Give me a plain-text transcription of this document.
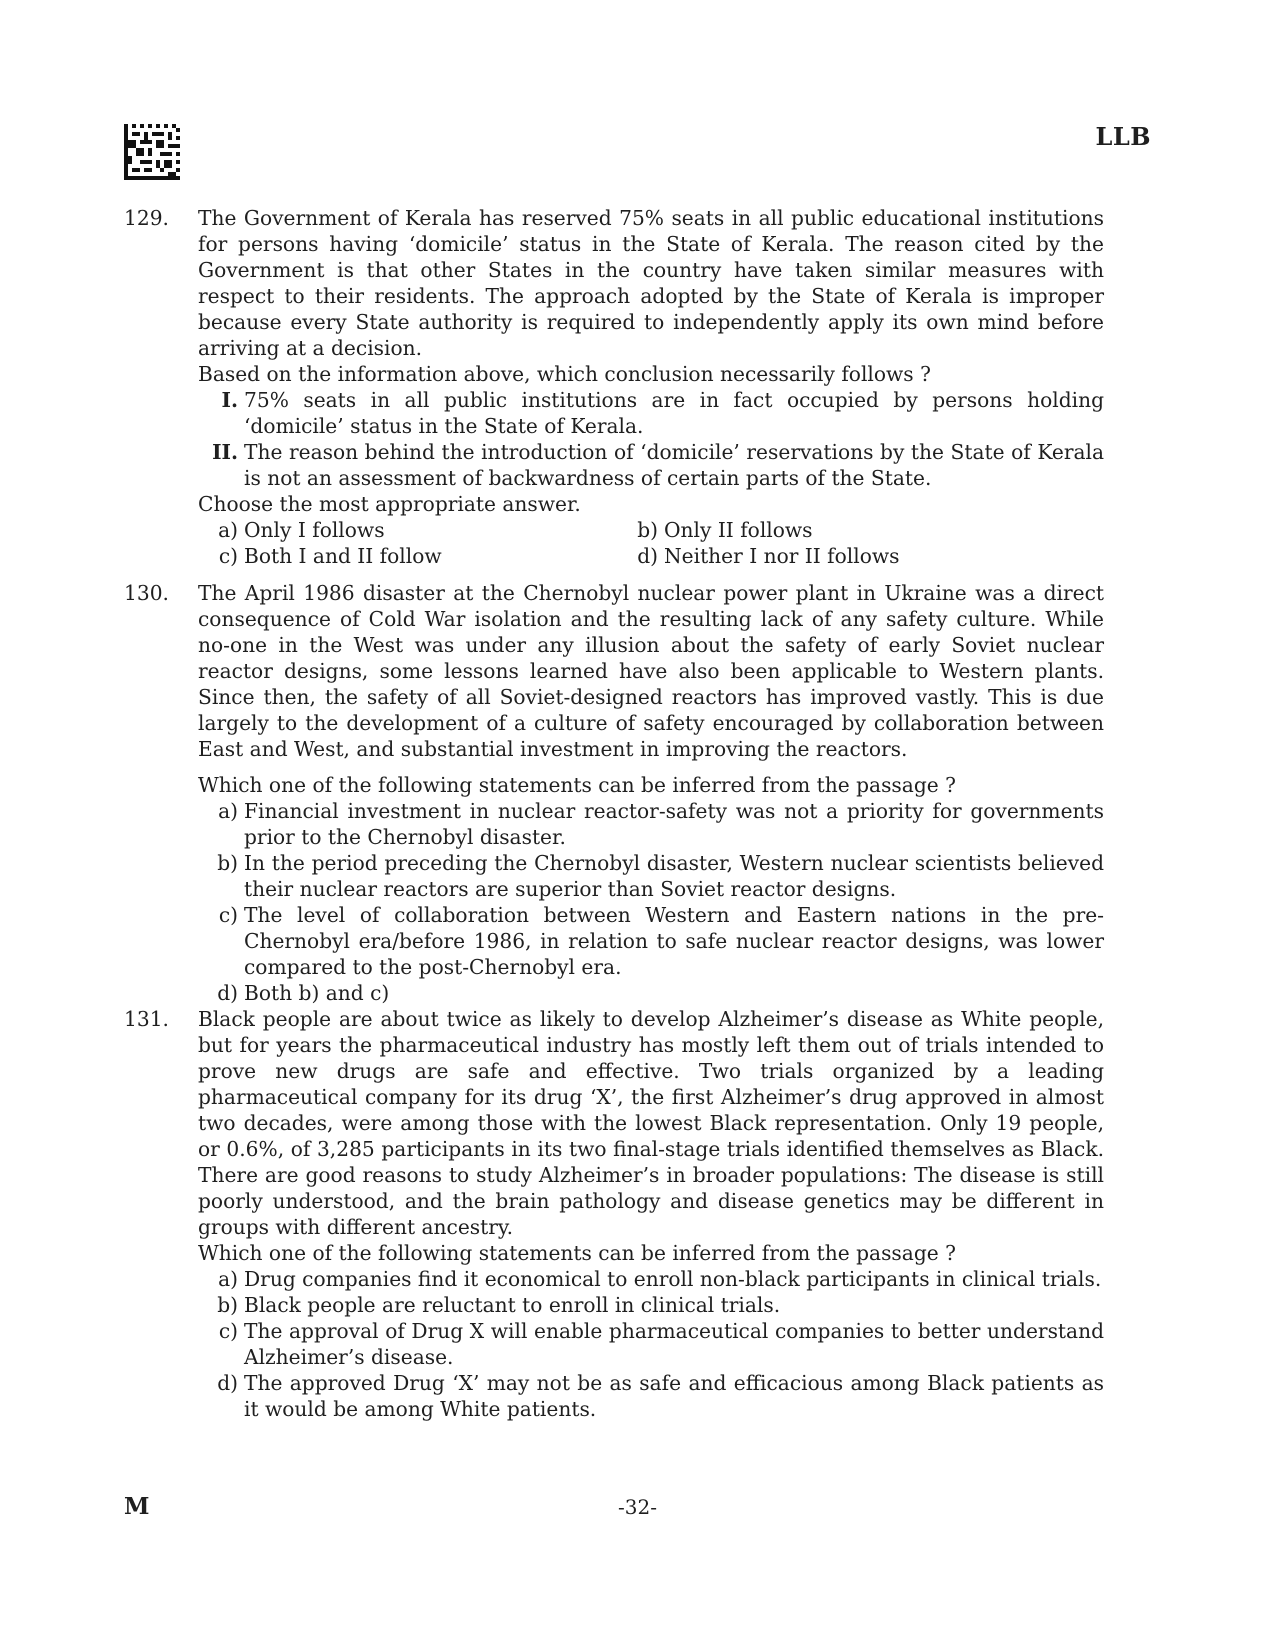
LLB
129. The Government of Kerala has reserved 75% seats in all public educational institutions for persons having ‘domicile’ status in the State of Kerala. The reason cited by the Government is that other States in the country have taken similar measures with respect to their residents. The approach adopted by the State of Kerala is improper because every State authority is required to independently apply its own mind before arriving at a decision.

Based on the information above, which conclusion necessarily follows ?

I. 75% seats in all public institutions are in fact occupied by persons holding ‘domicile’ status in the State of Kerala.
II. The reason behind the introduction of ‘domicile’ reservations by the State of Kerala is not an assessment of backwardness of certain parts of the State.

Choose the most appropriate answer.

a) Only I follows	b) Only II follows
c) Both I and II follow	d) Neither I nor II follows
130. The April 1986 disaster at the Chernobyl nuclear power plant in Ukraine was a direct consequence of Cold War isolation and the resulting lack of any safety culture. While no-one in the West was under any illusion about the safety of early Soviet nuclear reactor designs, some lessons learned have also been applicable to Western plants. Since then, the safety of all Soviet-designed reactors has improved vastly. This is due largely to the development of a culture of safety encouraged by collaboration between East and West, and substantial investment in improving the reactors.

Which one of the following statements can be inferred from the passage ?

a) Financial investment in nuclear reactor-safety was not a priority for governments prior to the Chernobyl disaster.
b) In the period preceding the Chernobyl disaster, Western nuclear scientists believed their nuclear reactors are superior than Soviet reactor designs.
c) The level of collaboration between Western and Eastern nations in the pre-Chernobyl era/before 1986, in relation to safe nuclear reactor designs, was lower compared to the post-Chernobyl era.
d) Both b) and c)
131. Black people are about twice as likely to develop Alzheimer’s disease as White people, but for years the pharmaceutical industry has mostly left them out of trials intended to prove new drugs are safe and effective. Two trials organized by a leading pharmaceutical company for its drug ‘X’, the first Alzheimer’s drug approved in almost two decades, were among those with the lowest Black representation. Only 19 people, or 0.6%, of 3,285 participants in its two final-stage trials identified themselves as Black. There are good reasons to study Alzheimer’s in broader populations: The disease is still poorly understood, and the brain pathology and disease genetics may be different in groups with different ancestry.

Which one of the following statements can be inferred from the passage ?

a) Drug companies find it economical to enroll non-black participants in clinical trials.
b) Black people are reluctant to enroll in clinical trials.
c) The approval of Drug X will enable pharmaceutical companies to better understand Alzheimer’s disease.
d) The approved Drug ‘X’ may not be as safe and efficacious among Black patients as it would be among White patients.
M	-32-
